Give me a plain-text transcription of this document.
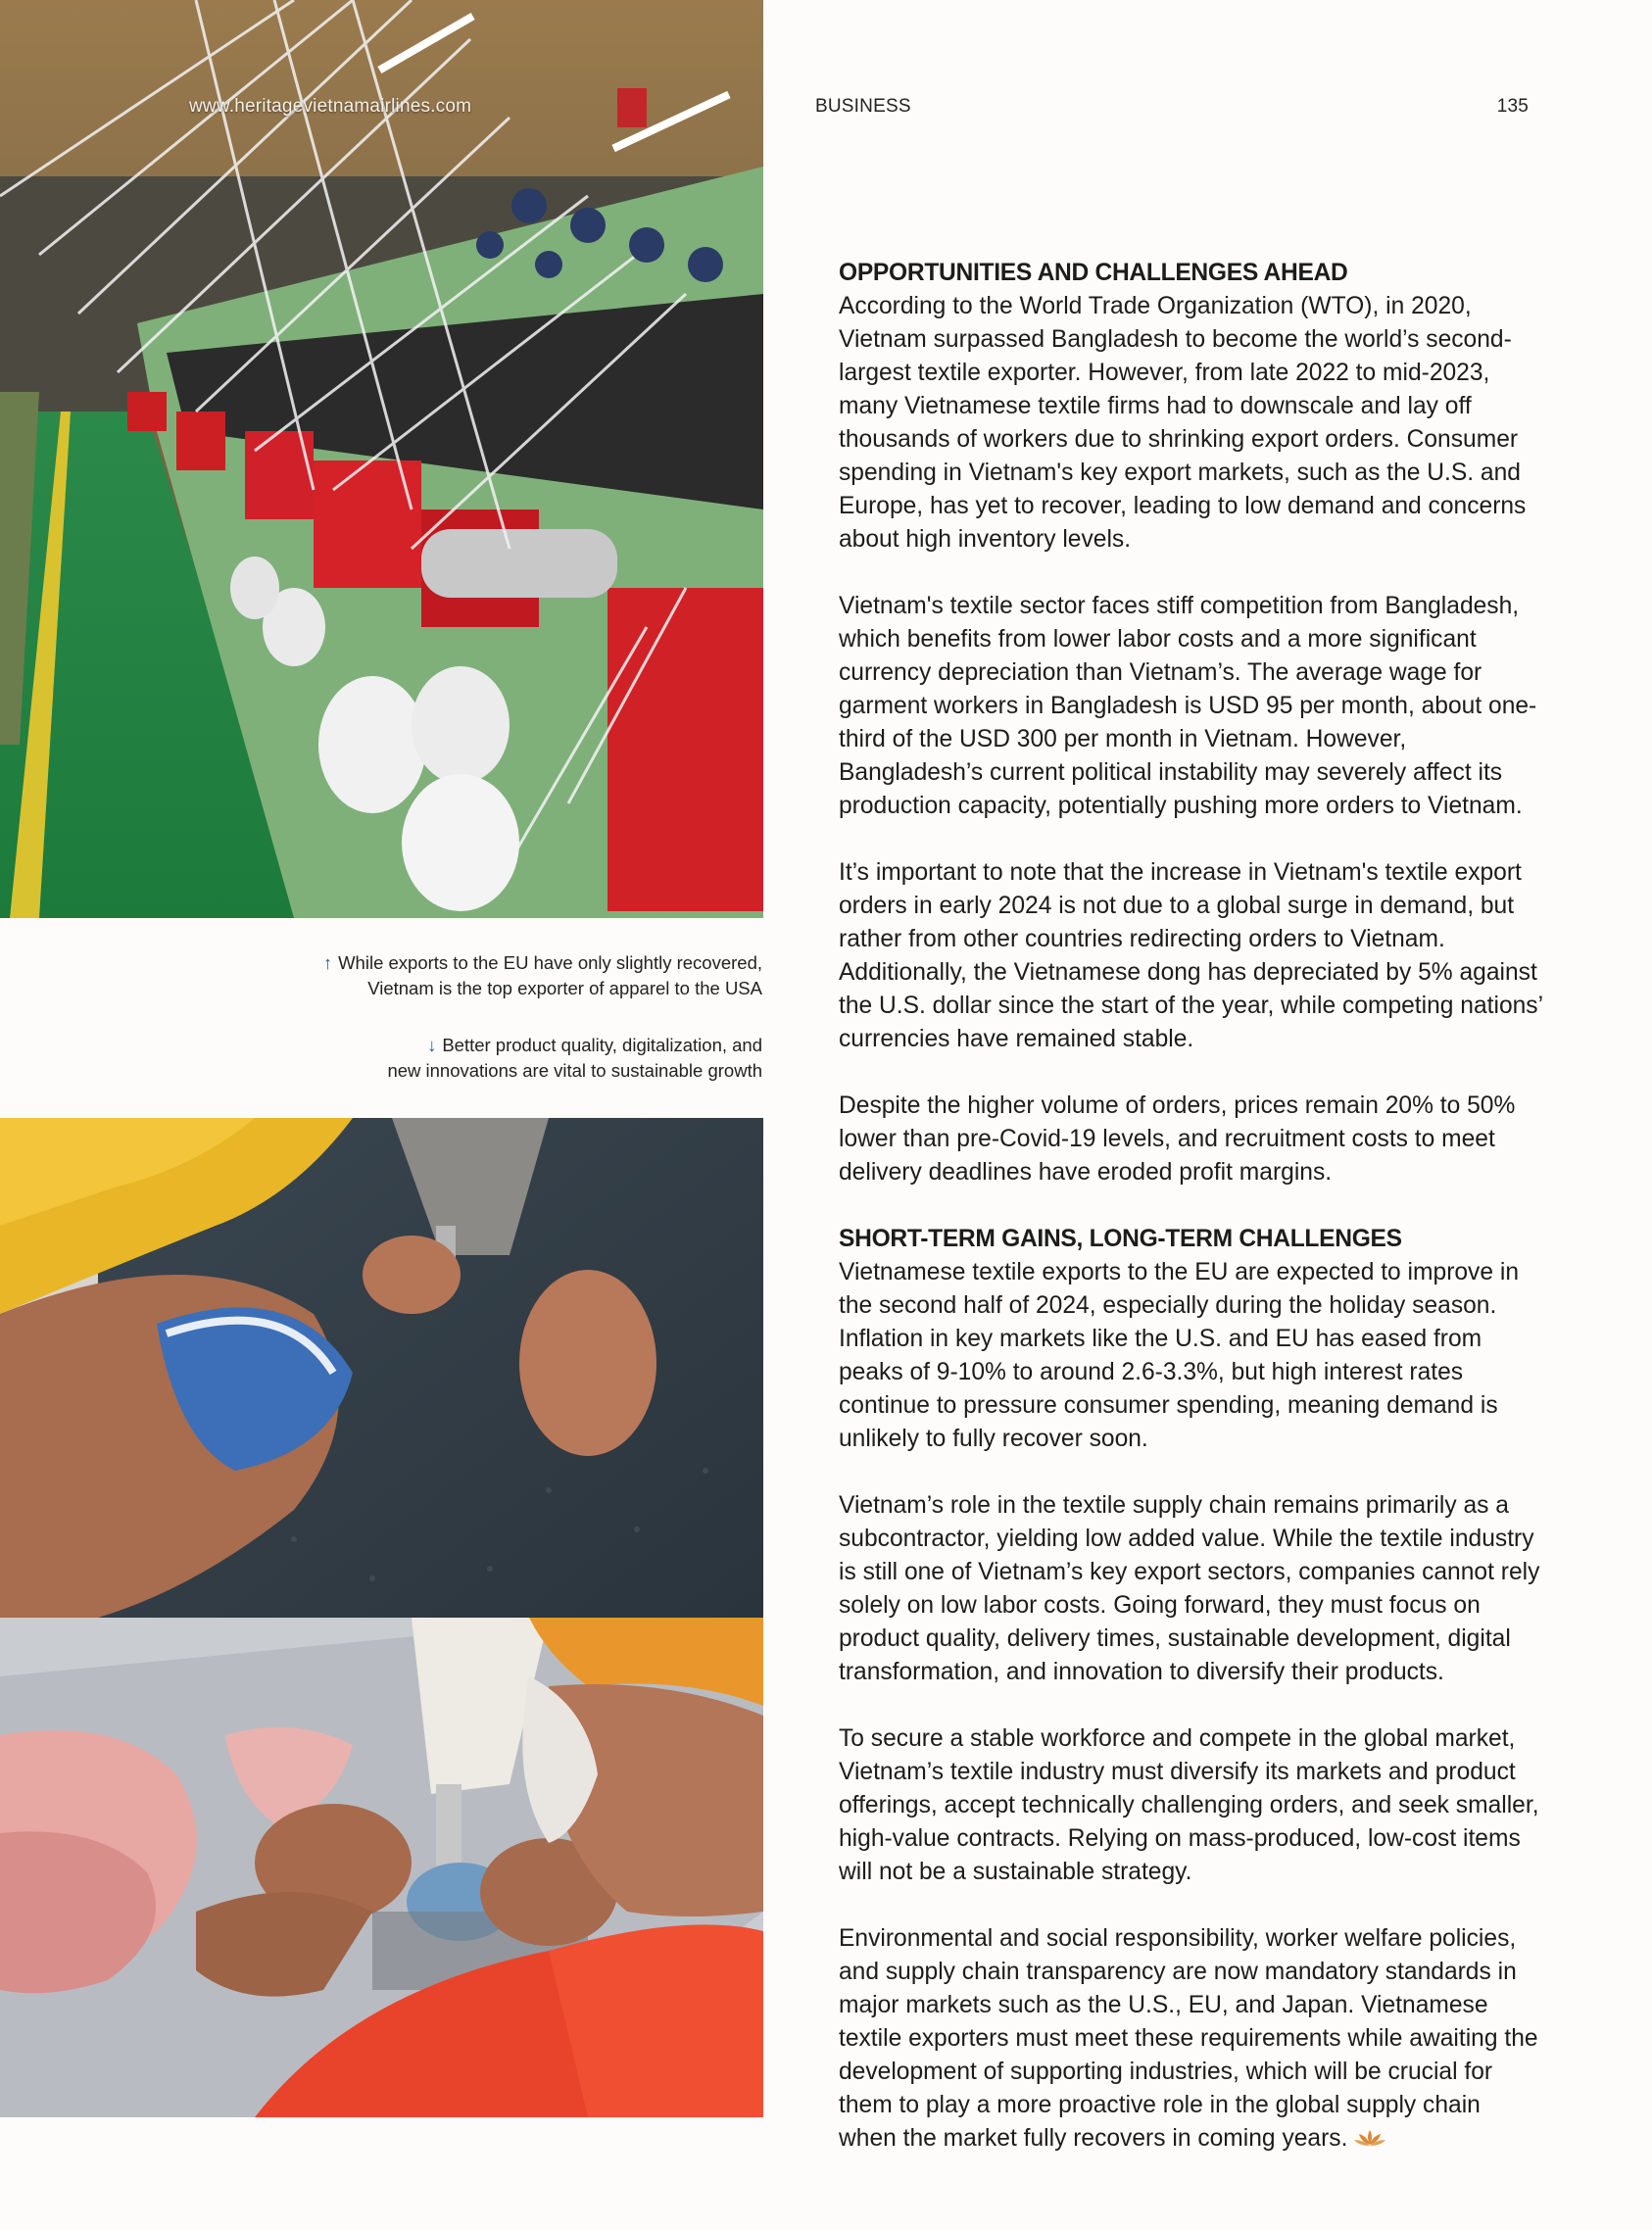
www.heritagevietnamairlines.com	BUSINESS	135
↑ While exports to the EU have only slightly recovered,
Vietnam is the top exporter of apparel to the USA
↓ Better product quality, digitalization, and
new innovations are vital to sustainable growth
OPPORTUNITIES AND CHALLENGES AHEAD

According to the World Trade Organization (WTO), in 2020, Vietnam surpassed Bangladesh to become the world’s second-largest textile exporter. However, from late 2022 to mid-2023, many Vietnamese textile firms had to downscale and lay off thousands of workers due to shrinking export orders. Consumer spending in Vietnam's key export markets, such as the U.S. and Europe, has yet to recover, leading to low demand and concerns about high inventory levels.

Vietnam's textile sector faces stiff competition from Bangladesh, which benefits from lower labor costs and a more significant currency depreciation than Vietnam’s. The average wage for garment workers in Bangladesh is USD 95 per month, about one-third of the USD 300 per month in Vietnam. However, Bangladesh’s current political instability may severely affect its production capacity, potentially pushing more orders to Vietnam.

It’s important to note that the increase in Vietnam's textile export orders in early 2024 is not due to a global surge in demand, but rather from other countries redirecting orders to Vietnam. Additionally, the Vietnamese dong has depreciated by 5% against the U.S. dollar since the start of the year, while competing nations’ currencies have remained stable.

Despite the higher volume of orders, prices remain 20% to 50% lower than pre-Covid-19 levels, and recruitment costs to meet delivery deadlines have eroded profit margins.

SHORT-TERM GAINS, LONG-TERM CHALLENGES

Vietnamese textile exports to the EU are expected to improve in the second half of 2024, especially during the holiday season. Inflation in key markets like the U.S. and EU has eased from peaks of 9-10% to around 2.6-3.3%, but high interest rates continue to pressure consumer spending, meaning demand is unlikely to fully recover soon.

Vietnam’s role in the textile supply chain remains primarily as a subcontractor, yielding low added value. While the textile industry is still one of Vietnam’s key export sectors, companies cannot rely solely on low labor costs. Going forward, they must focus on product quality, delivery times, sustainable development, digital transformation, and innovation to diversify their products.

To secure a stable workforce and compete in the global market, Vietnam’s textile industry must diversify its markets and product offerings, accept technically challenging orders, and seek smaller, high-value contracts. Relying on mass-produced, low-cost items will not be a sustainable strategy.

Environmental and social responsibility, worker welfare policies, and supply chain transparency are now mandatory standards in major markets such as the U.S., EU, and Japan. Vietnamese textile exporters must meet these requirements while awaiting the development of supporting industries, which will be crucial for them to play a more proactive role in the global supply chain when the market fully recovers in coming years.
